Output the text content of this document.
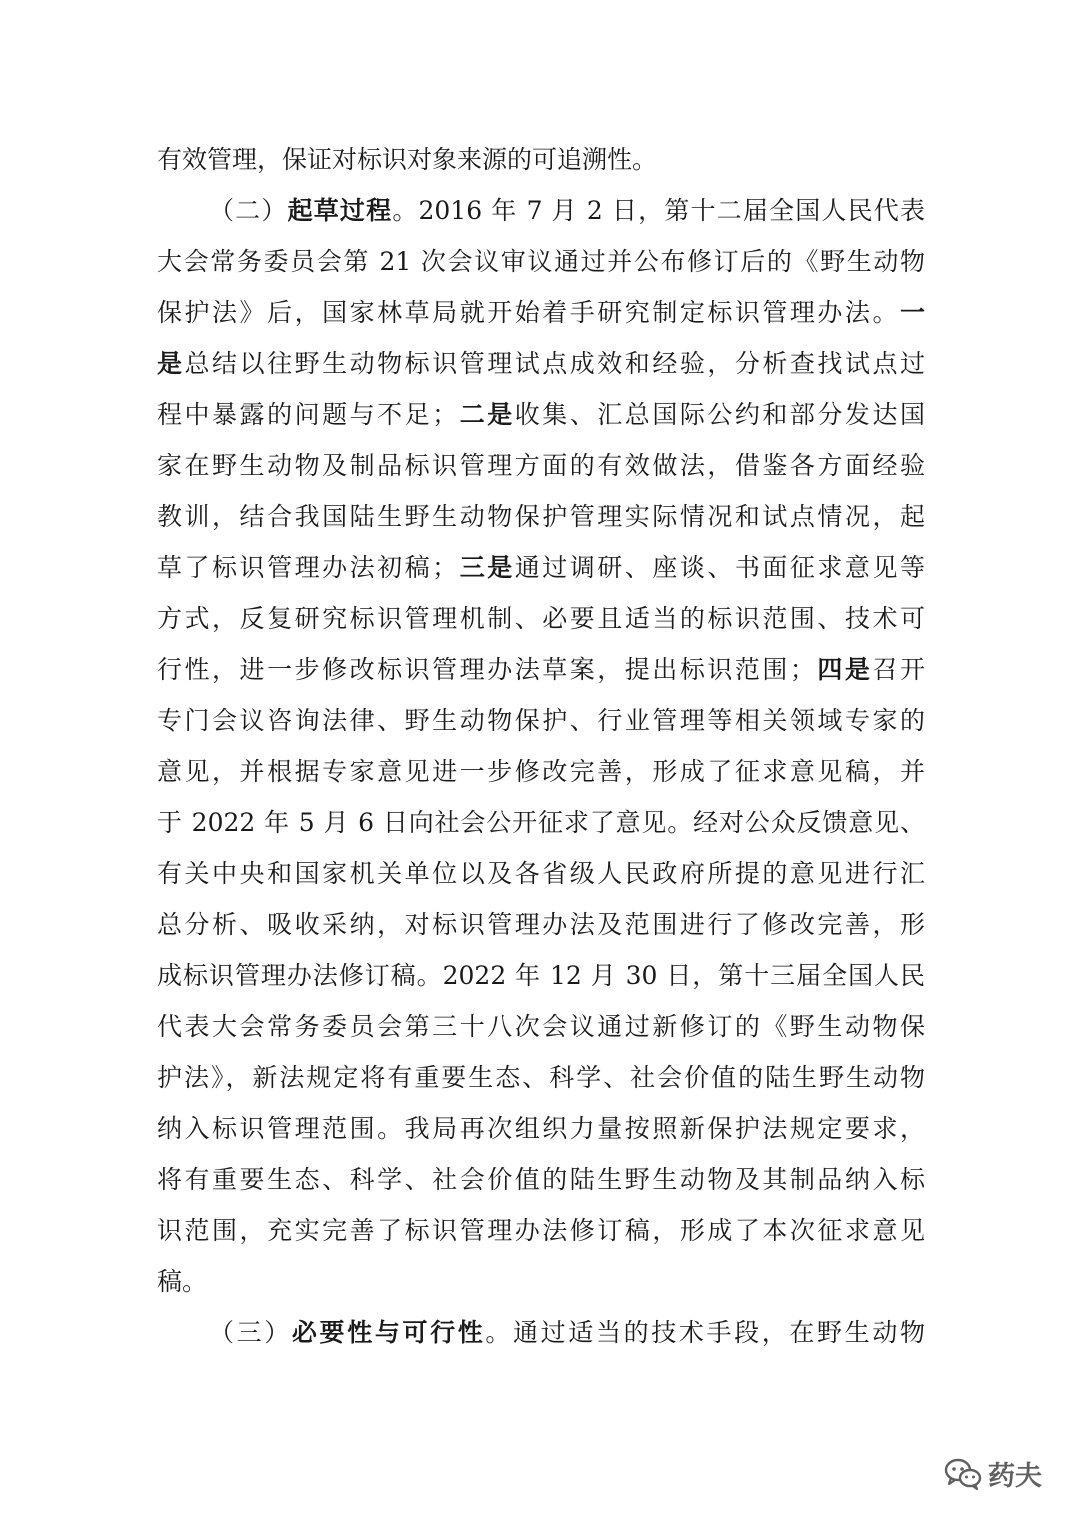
有效管理，保证对标识对象来源的可追溯性。
（二）起草过程。2016 年 7 月 2 日，第十二届全国人民代表
大会常务委员会第 21 次会议审议通过并公布修订后的《野生动物
保护法》后，国家林草局就开始着手研究制定标识管理办法。一
是总结以往野生动物标识管理试点成效和经验，分析查找试点过
程中暴露的问题与不足；二是收集、汇总国际公约和部分发达国
家在野生动物及制品标识管理方面的有效做法，借鉴各方面经验
教训，结合我国陆生野生动物保护管理实际情况和试点情况，起
草了标识管理办法初稿；三是通过调研、座谈、书面征求意见等
方式，反复研究标识管理机制、必要且适当的标识范围、技术可
行性，进一步修改标识管理办法草案，提出标识范围；四是召开
专门会议咨询法律、野生动物保护、行业管理等相关领域专家的
意见，并根据专家意见进一步修改完善，形成了征求意见稿，并
于 2022 年 5 月 6 日向社会公开征求了意见。经对公众反馈意见、
有关中央和国家机关单位以及各省级人民政府所提的意见进行汇
总分析、吸收采纳，对标识管理办法及范围进行了修改完善，形
成标识管理办法修订稿。2022 年 12 月 30 日，第十三届全国人民
代表大会常务委员会第三十八次会议通过新修订的《野生动物保
护法》，新法规定将有重要生态、科学、社会价值的陆生野生动物
纳入标识管理范围。我局再次组织力量按照新保护法规定要求，
将有重要生态、科学、社会价值的陆生野生动物及其制品纳入标
识范围，充实完善了标识管理办法修订稿，形成了本次征求意见
稿。
（三）必要性与可行性。通过适当的技术手段，在野生动物
药夫
